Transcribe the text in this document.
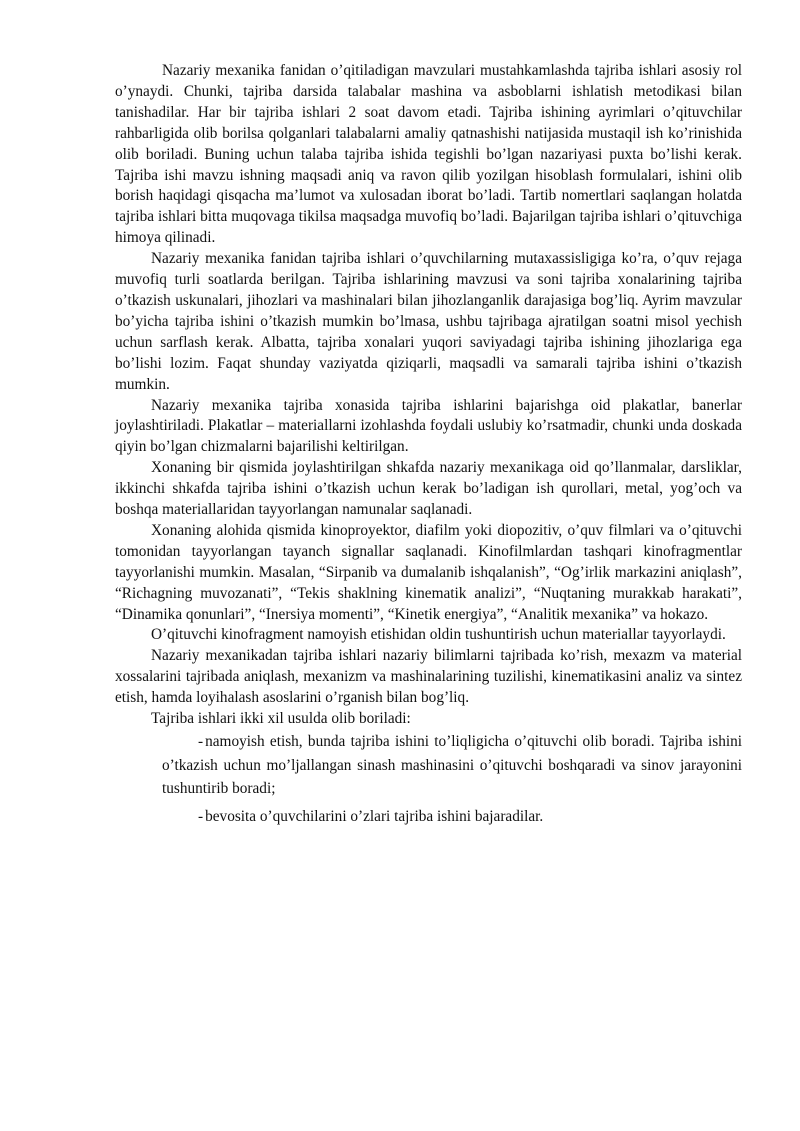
Nazariy mexanika fanidan o’qitiladigan mavzulari mustahkamlashda tajriba ishlari asosiy rol o’ynaydi. Chunki, tajriba darsida talabalar mashina va asboblarni ishlatish metodikasi bilan tanishadilar. Har bir tajriba ishlari 2 soat davom etadi. Tajriba ishining ayrimlari o’qituvchilar rahbarligida olib borilsa qolganlari talabalarni amaliy qatnashishi natijasida mustaqil ish ko’rinishida olib boriladi. Buning uchun talaba tajriba ishida tegishli bo’lgan nazariyasi puxta bo’lishi kerak. Tajriba ishi mavzu ishning maqsadi aniq va ravon qilib yozilgan hisoblash formulalari, ishini olib borish haqidagi qisqacha ma’lumot va xulosadan iborat bo’ladi. Tartib nomertlari saqlangan holatda tajriba ishlari bitta muqovaga tikilsa maqsadga muvofiq bo’ladi. Bajarilgan tajriba ishlari o’qituvchiga himoya qilinadi.

Nazariy mexanika fanidan tajriba ishlari o’quvchilarning mutaxassisligiga ko’ra, o’quv rejaga muvofiq turli soatlarda berilgan. Tajriba ishlarining mavzusi va soni tajriba xonalarining tajriba o’tkazish uskunalari, jihozlari va mashinalari bilan jihozlanganlik darajasiga bog’liq. Ayrim mavzular bo’yicha tajriba ishini o’tkazish mumkin bo’lmasa, ushbu tajribaga ajratilgan soatni misol yechish uchun sarflash kerak. Albatta, tajriba xonalari yuqori saviyadagi tajriba ishining jihozlariga ega bo’lishi lozim. Faqat shunday vaziyatda qiziqarli, maqsadli va samarali tajriba ishini o’tkazish mumkin.

Nazariy mexanika tajriba xonasida tajriba ishlarini bajarishga oid plakatlar, banerlar joylashtiriladi. Plakatlar – materiallarni izohlashda foydali uslubiy ko’rsatmadir, chunki unda doskada qiyin bo’lgan chizmalarni bajarilishi keltirilgan.

Xonaning bir qismida joylashtirilgan shkafda nazariy mexanikaga oid qo’llanmalar, darsliklar, ikkinchi shkafda tajriba ishini o’tkazish uchun kerak bo’ladigan ish qurollari, metal, yog’och va boshqa materiallaridan tayyorlangan namunalar saqlanadi.

Xonaning alohida qismida kinoproyektor, diafilm yoki diopozitiv, o’quv filmlari va o’qituvchi tomonidan tayyorlangan tayanch signallar saqlanadi. Kinofilmlardan tashqari kinofragmentlar tayyorlanishi mumkin. Masalan, “Sirpanib va dumalanib ishqalanish”, “Og’irlik markazini aniqlash”, “Richagning muvozanati”, “Tekis shaklning kinematik analizi”, “Nuqtaning murakkab harakati”, “Dinamika qonunlari”, “Inersiya momenti”, “Kinetik energiya”, “Analitik mexanika” va hokazo.

O’qituvchi kinofragment namoyish etishidan oldin tushuntirish uchun materiallar tayyorlaydi.

Nazariy mexanikadan tajriba ishlari nazariy bilimlarni tajribada ko’rish, mexazm va material xossalarini tajribada aniqlash, mexanizm va mashinalarining tuzilishi, kinematikasini analiz va sintez etish, hamda loyihalash asoslarini o’rganish bilan bog’liq.

Tajriba ishlari ikki xil usulda olib boriladi:

- namoyish etish, bunda tajriba ishini to’liqligicha o’qituvchi olib boradi. Tajriba ishini o’tkazish uchun mo’ljallangan sinash mashinasini o’qituvchi boshqaradi va sinov jarayonini tushuntirib boradi;

- bevosita o’quvchilarini o’zlari tajriba ishini bajaradilar.
